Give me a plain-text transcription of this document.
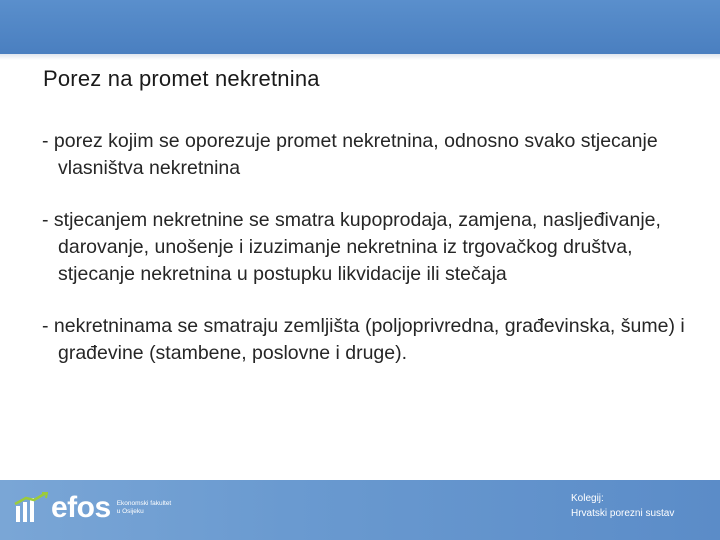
Porez na promet nekretnina

- porez kojim se oporezuje promet nekretnina, odnosno svako stjecanje vlasništva nekretnina

- stjecanjem nekretnine se smatra kupoprodaja, zamjena, nasljeđivanje, darovanje, unošenje i izuzimanje nekretnina iz trgovačkog društva, stjecanje nekretnina u postupku likvidacije ili stečaja

- nekretninama se smatraju zemljišta (poljoprivredna, građevinska, šume) i građevine (stambene, poslovne i druge).

efos Ekonomski fakultet
u Osijeku
Kolegij:
Hrvatski porezni sustav
